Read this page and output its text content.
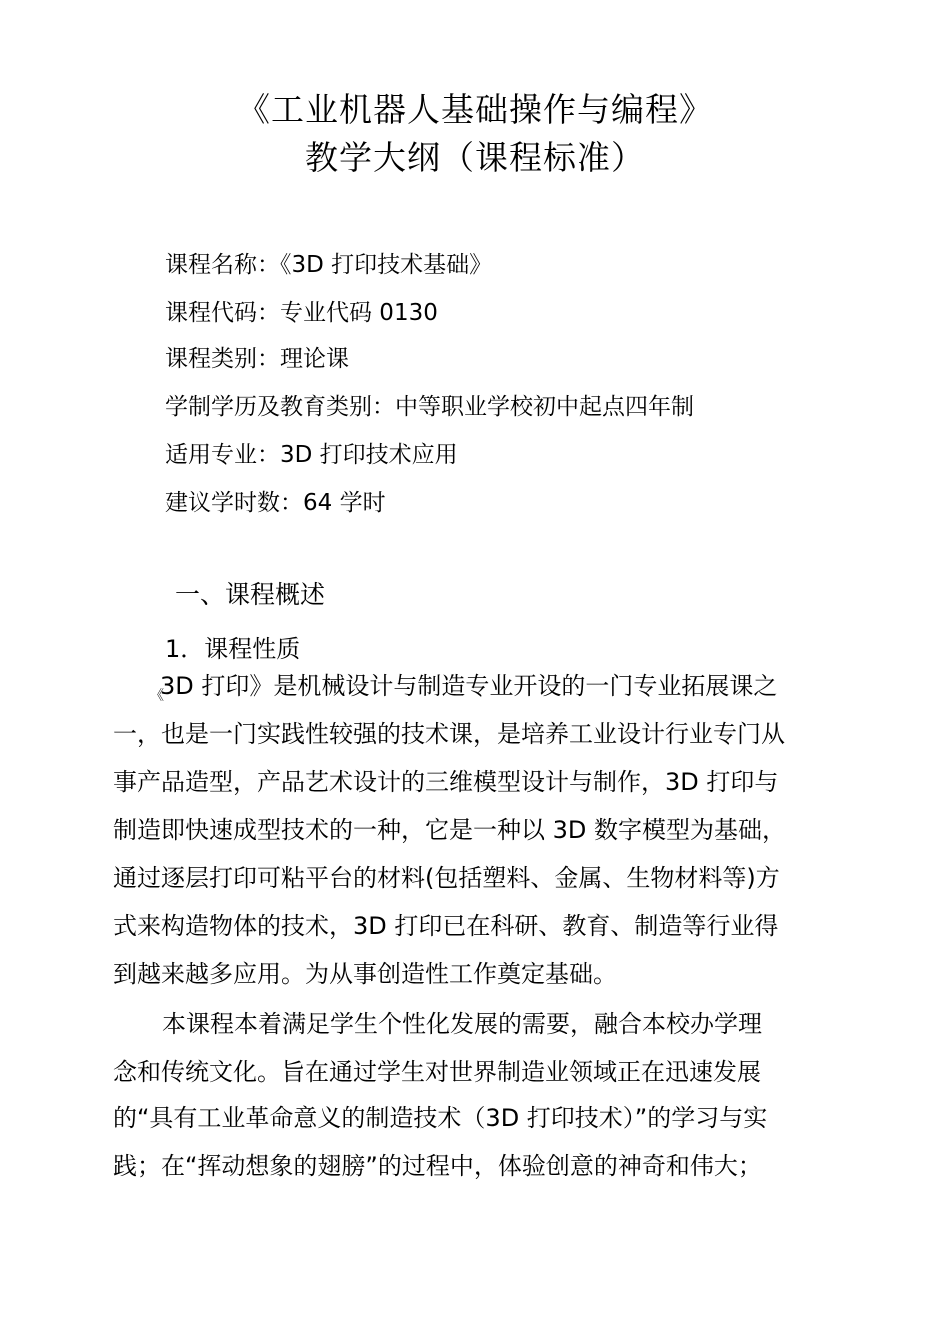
《工业机器人基础操作与编程》
教学大纲（课程标准）
课程名称：《3D 打印技术基础》
课程代码：专业代码 0130
课程类别：理论课
学制学历及教育类别：中等职业学校初中起点四年制
适用专业：3D 打印技术应用
建议学时数：64 学时
一、课程概述
1．课程性质
《
3D 打印》是机械设计与制造专业开设的一门专业拓展课之
一，也是一门实践性较强的技术课，是培养工业设计行业专门从
事产品造型，产品艺术设计的三维模型设计与制作，3D 打印与
制造即快速成型技术的一种，它是一种以 3D 数字模型为基础，
通过逐层打印可粘平台的材料(包括塑料、金属、生物材料等)方
式来构造物体的技术，3D 打印已在科研、教育、制造等行业得
到越来越多应用。为从事创造性工作奠定基础。
本课程本着满足学生个性化发展的需要，融合本校办学理
念和传统文化。旨在通过学生对世界制造业领域正在迅速发展
的“具有工业革命意义的制造技术（3D 打印技术）”的学习与实
践；在“挥动想象的翅膀”的过程中，体验创意的神奇和伟大；
